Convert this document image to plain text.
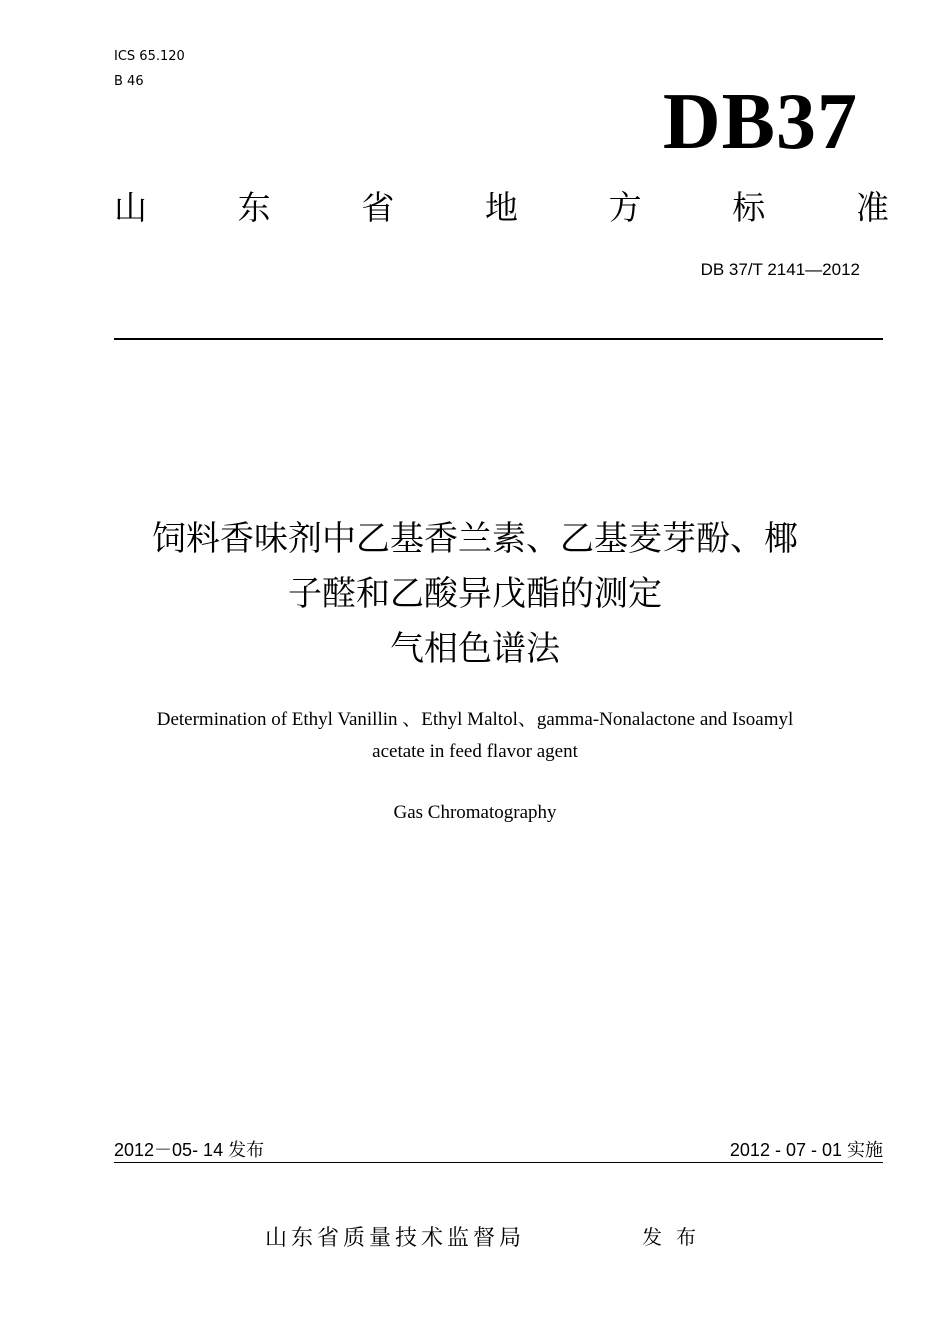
ICS 65.120
B 46	DB37
山	东	省	地	方	标	准
DB 37/T 2141—2012
饲料香味剂中乙基香兰素、乙基麦芽酚、椰
子醛和乙酸异戊酯的测定
气相色谱法
Determination of Ethyl Vanillin 、Ethyl Maltol、gamma-Nonalactone and Isoamyl
acetate in feed flavor agent
Gas Chromatography
2012－05- 14 发布	2012 - 07 - 01 实施
山东省质量技术监督局	发布
